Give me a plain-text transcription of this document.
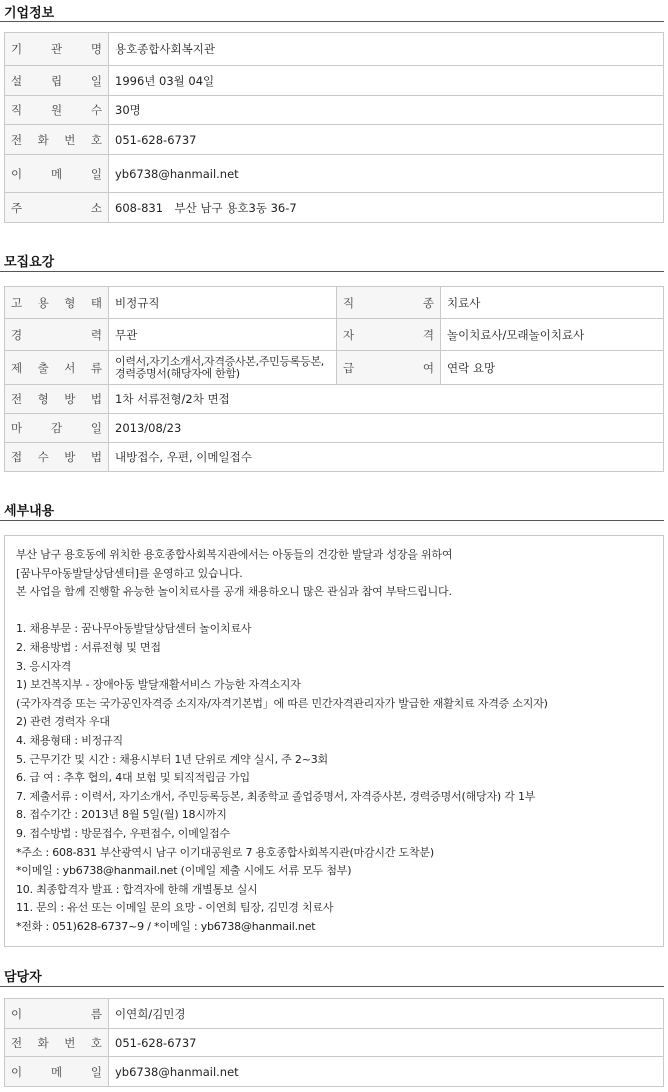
기업정보
기 관 명	용호종합사회복지관

설 립 일	1996년 03월 04일

직 원 수	30명

전 화 번 호	051-628-6737

이 메 일	yb6738@hanmail.net

주 소	608-831　부산 남구 용호3동 36-7
모집요강
고 용 형 태	비정규직	직 종	치료사

경 력	무관	자 격	놀이치료사/모래놀이치료사

제 출 서 류	이력서,자기소개서,자격증사본,주민등록등본,경력증명서(해당자에 한함)	급 여	연락 요망

전 형 방 법	1차 서류전형/2차 면접		

마 감 일	2013/08/23		

접 수 방 법	내방접수, 우편, 이메일접수		
세부내용
부산 남구 용호동에 위치한 용호종합사회복지관에서는 아동들의 건강한 발달과 성장을 위하여
[꿈나무아동발달상담센터]를 운영하고 있습니다.
본 사업을 함께 진행할 유능한 놀이치료사를 공개 채용하오니 많은 관심과 참여 부탁드립니다.
1. 채용부문 : 꿈나무아동발달상담센터 놀이치료사
2. 채용방법 : 서류전형 및 면접
3. 응시자격
1) 보건복지부 - 장애아동 발달재활서비스 가능한 자격소지자
(국가자격증 또는 국가공인자격증 소지자/자격기본법」에 따른 민간자격관리자가 발급한 재활치료 자격증 소지자)
2) 관련 경력자 우대
4. 채용형태 : 비정규직
5. 근무기간 및 시간 : 채용시부터 1년 단위로 계약 실시, 주 2~3회
6. 급 여 : 추후 협의, 4대 보험 및 퇴직적립금 가입
7. 제출서류 : 이력서, 자기소개서, 주민등록등본, 최종학교 졸업증명서, 자격증사본, 경력증명서(해당자) 각 1부
8. 접수기간 : 2013년 8월 5일(월) 18시까지
9. 접수방법 : 방문접수, 우편접수, 이메일접수
*주소 : 608-831 부산광역시 남구 이기대공원로 7 용호종합사회복지관(마감시간 도착분)
*이메일 : yb6738@hanmail.net (이메일 제출 시에도 서류 모두 첨부)
10. 최종합격자 발표 : 합격자에 한해 개별통보 실시
11. 문의 : 유선 또는 이메일 문의 요망 - 이연희 팀장, 김민경 치료사
*전화 : 051)628-6737~9 / *이메일 : yb6738@hanmail.net
담당자
이 름	이연희/김민경

전 화 번 호	051-628-6737

이 메 일	yb6738@hanmail.net
